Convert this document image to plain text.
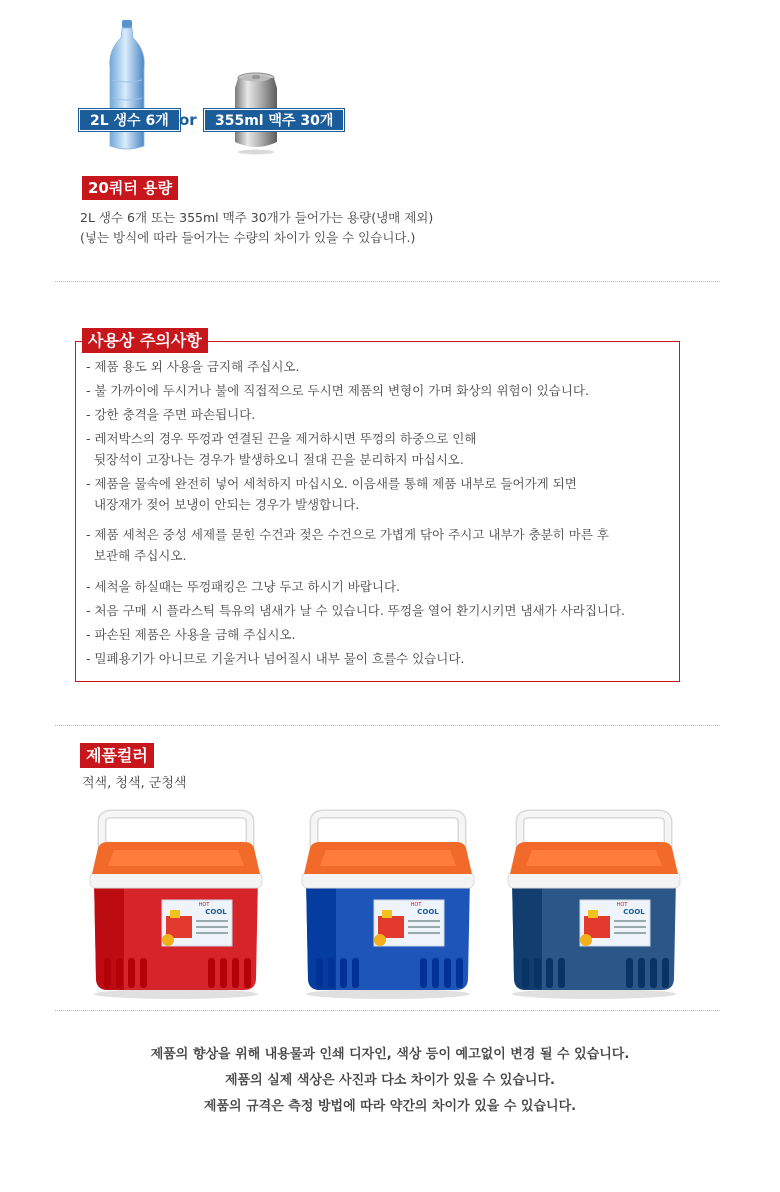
2L 생수 6개 or	355ml 맥주 30개
20쿼터 용량
2L 생수 6개 또는 355ml 맥주 30개가 들어가는 용량(냉매 제외)
(넣는 방식에 따라 들어가는 수량의 차이가 있을 수 있습니다.)
사용상 주의사항
- 제품 용도 외 사용을 금지해 주십시오.
- 불 가까이에 두시거나 불에 직접적으로 두시면 제품의 변형이 가며 화상의 위험이 있습니다.
- 강한 충격을 주면 파손됩니다.
- 레저박스의 경우 뚜껑과 연결된 끈을 제거하시면 뚜껑의 하중으로 인해
뒷장석이 고장나는 경우가 발생하오니 절대 끈을 분리하지 마십시오.
- 제품을 물속에 완전히 넣어 세척하지 마십시오. 이음새를 통해 제품 내부로 들어가게 되면
내장재가 젖어 보냉이 안되는 경우가 발생합니다.
- 제품 세척은 중성 세제를 묻힌 수건과 젖은 수건으로 가볍게 닦아 주시고 내부가 충분히 마른 후
보관해 주십시오.
- 세척을 하실때는 뚜껑패킹은 그냥 두고 하시기 바랍니다.
- 처음 구매 시 플라스틱 특유의 냄새가 날 수 있습니다. 뚜껑을 열어 환기시키면 냄새가 사라집니다.
- 파손된 제품은 사용을 금해 주십시오.
- 밀폐용기가 아니므로 기울거나 넘어질시 내부 물이 흐를수 있습니다.
제품컬러
적색, 청색, 군청색
COOL
HOT
COOL
HOT
COOL
HOT
제품의 향상을 위해 내용물과 인쇄 디자인, 색상 등이 예고없이 변경 될 수 있습니다.
제품의 실제 색상은 사진과 다소 차이가 있을 수 있습니다.
제품의 규격은 측정 방법에 따라 약간의 차이가 있을 수 있습니다.
